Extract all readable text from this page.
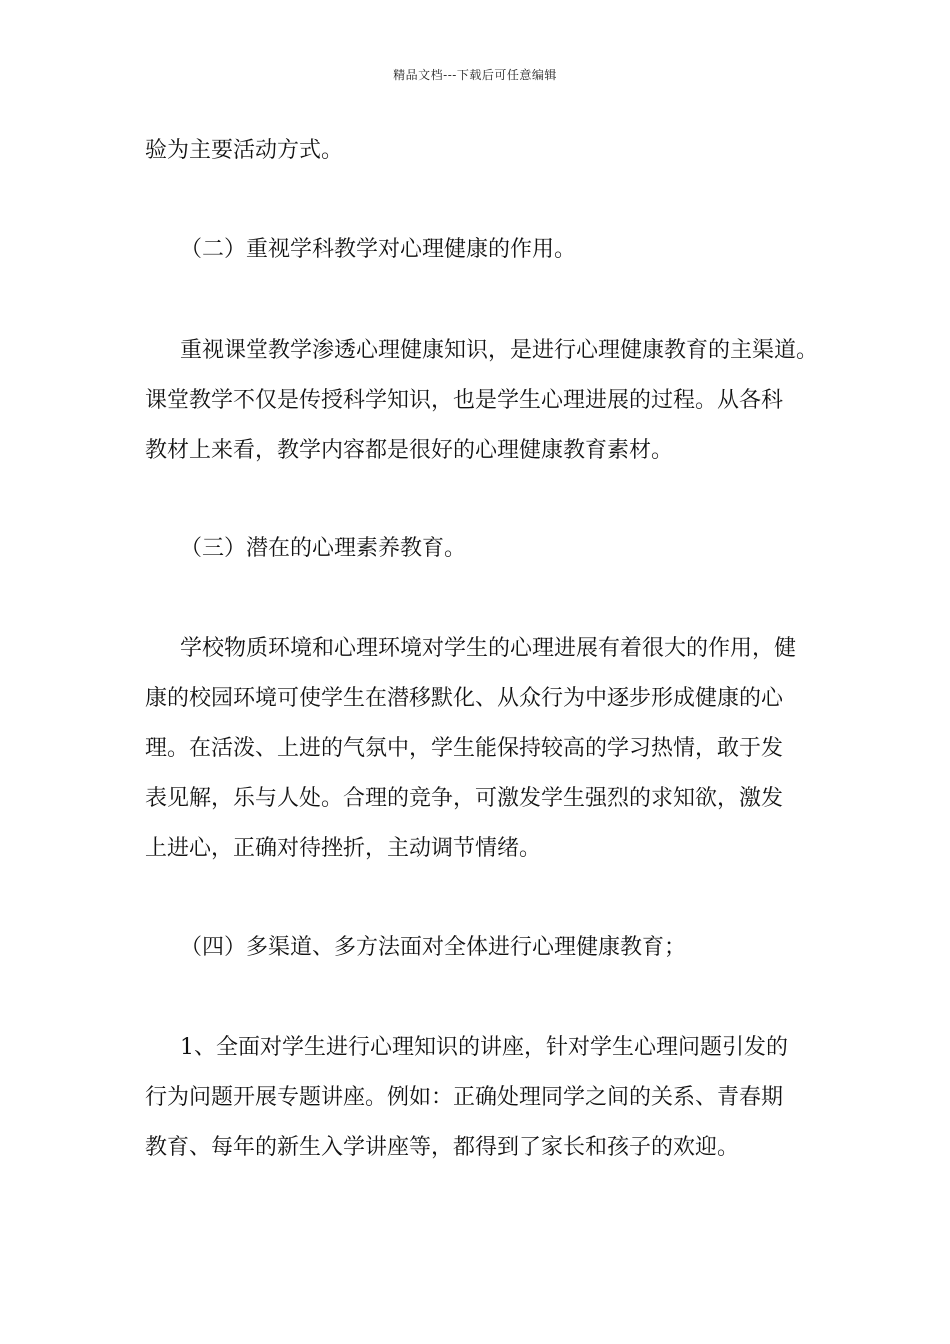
精品文档---下载后可任意编辑
验为主要活动方式。
（二）重视学科教学对心理健康的作用。
重视课堂教学渗透心理健康知识，是进行心理健康教育的主渠道。
课堂教学不仅是传授科学知识，也是学生心理进展的过程。从各科
教材上来看，教学内容都是很好的心理健康教育素材。
（三）潜在的心理素养教育。
学校物质环境和心理环境对学生的心理进展有着很大的作用，健
康的校园环境可使学生在潜移默化、从众行为中逐步形成健康的心
理。在活泼、上进的气氛中，学生能保持较高的学习热情，敢于发
表见解，乐与人处。合理的竞争，可激发学生强烈的求知欲，激发
上进心，正确对待挫折，主动调节情绪。
（四）多渠道、多方法面对全体进行心理健康教育；
1、全面对学生进行心理知识的讲座，针对学生心理问题引发的
行为问题开展专题讲座。例如：正确处理同学之间的关系、青春期
教育、每年的新生入学讲座等，都得到了家长和孩子的欢迎。
